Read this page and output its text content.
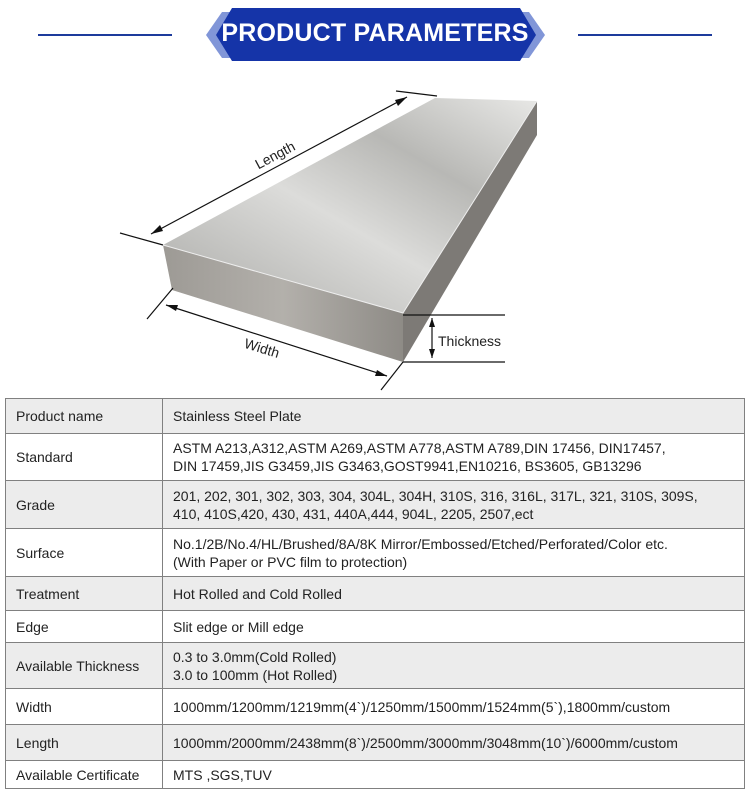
PRODUCT PARAMETERS
Length
Width	Thickness
Product name	Stainless Steel Plate

Standard	ASTM A213,A312,ASTM A269,ASTM A778,ASTM A789,DIN 17456, DIN17457,
DIN 17459,JIS G3459,JIS G3463,GOST9941,EN10216, BS3605, GB13296

Grade	201, 202, 301, 302, 303, 304, 304L, 304H, 310S, 316, 316L, 317L, 321, 310S, 309S,
410, 410S,420, 430, 431, 440A,444, 904L, 2205, 2507,ect

Surface	No.1/2B/No.4/HL/Brushed/8A/8K Mirror/Embossed/Etched/Perforated/Color etc.
(With Paper or PVC film to protection)

Treatment	Hot Rolled and Cold Rolled

Edge	Slit edge or Mill edge

Available Thickness	0.3 to 3.0mm(Cold Rolled)
3.0 to 100mm (Hot Rolled)

Width	1000mm/1200mm/1219mm(4`)/1250mm/1500mm/1524mm(5`),1800mm/custom

Length	1000mm/2000mm/2438mm(8`)/2500mm/3000mm/3048mm(10`)/6000mm/custom

Available Certificate	MTS ,SGS,TUV
